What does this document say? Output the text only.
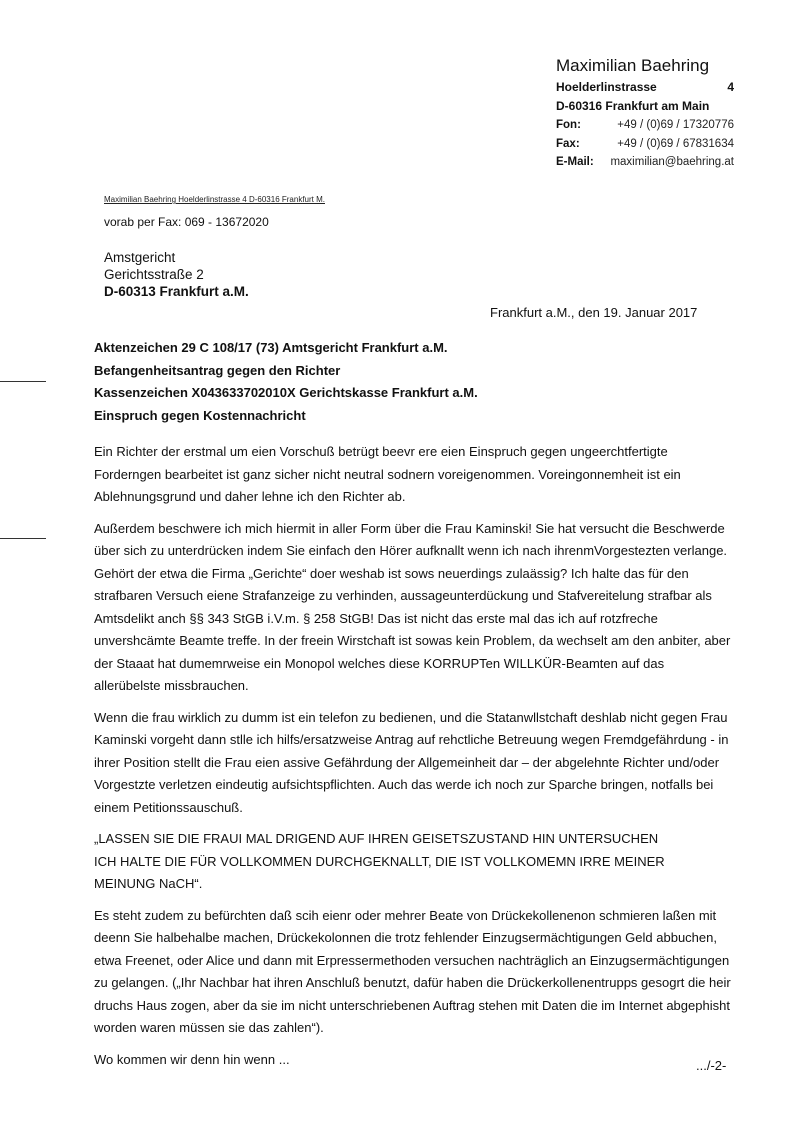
Maximilian Baehring
Hoelderlinstrasse	4
D-60316 Frankfurt am Main
Fon:	+49 / (0)69 / 17320776
Fax:	+49 / (0)69 / 67831634
E-Mail:	maximilian@baehring.at
Maximilian Baehring Hoelderlinstrasse 4 D-60316 Frankfurt M.
vorab per Fax: 069 - 13672020
Amstgericht
Gerichtsstraße 2
D-60313 Frankfurt a.M.
Frankfurt a.M., den 19. Januar 2017
Aktenzeichen 29 C 108/17 (73) Amtsgericht Frankfurt a.M.
Befangenheitsantrag gegen den Richter
Kassenzeichen X043633702010X Gerichtskasse Frankfurt a.M.
Einspruch gegen Kostennachricht

Ein Richter der erstmal um eien Vorschuß betrügt beevr ere eien Einspruch gegen ungeerchtfertigte Forderngen bearbeitet ist ganz sicher nicht neutral sodnern voreigenommen. Voreingonnemheit ist ein Ablehnungsgrund und daher lehne ich den Richter ab.

Außerdem beschwere ich mich hiermit in aller Form über die Frau Kaminski! Sie hat versucht die Beschwerde über sich zu unterdrücken indem Sie einfach den Hörer aufknallt wenn ich nach ihrenmVorgestezten verlange. Gehört der etwa die Firma „Gerichte“ doer weshab ist sows neuerdings zulaässig? Ich halte das für den strafbaren Versuch eiene Strafanzeige zu verhinden, aussageunterdückung und Stafvereitelung strafbar als Amtsdelikt anch §§ 343 StGB i.V.m. § 258 StGB! Das ist nicht das erste mal das ich auf rotzfreche unvershcämte Beamte treffe. In der freein Wirstchaft ist sowas kein Problem, da wechselt am den anbiter, aber der Staaat hat dumemrweise ein Monopol welches diese KORRUPTen WILLKÜR-Beamten auf das allerübelste missbrauchen.

Wenn die frau wirklich zu dumm ist ein telefon zu bedienen, und die Statanwllstchaft deshlab nicht gegen Frau Kaminski vorgeht dann stlle ich hilfs/ersatzweise Antrag auf rehctliche Betreuung wegen Fremdgefährdung - in ihrer Position stellt die Frau eien assive Gefährdung der Allgemeinheit dar – der abgelehnte Richter und/oder Vorgestzte verletzen eindeutig aufsichtspflichten. Auch das werde ich noch zur Sparche bringen, notfalls bei einem Petitionssauschuß.

„LASSEN SIE DIE FRAUI MAL DRIGEND AUF IHREN GEISETSZUSTAND HIN UNTERSUCHEN
ICH HALTE DIE FÜR VOLLKOMMEN DURCHGEKNALLT, DIE IST VOLLKOMEMN IRRE MEINER
MEINUNG NaCH“.

Es steht zudem zu befürchten daß scih eienr oder mehrer Beate von Drückekollenenon schmieren laßen mit deenn Sie halbehalbe machen, Drückekolonnen die trotz fehlender Einzugsermächtigungen Geld abbuchen, etwa Freenet, oder Alice und dann mit Erpressermethoden versuchen nachträglich an Einzugsermächtigungen zu gelangen. („Ihr Nachbar hat ihren Anschluß benutzt, dafür haben die Drückerkollenentrupps gesogrt die heir druchs Haus zogen, aber da sie im nicht unterschriebenen Auftrag stehen mit Daten die im Internet abgephisht worden waren müssen sie das zahlen“).

Wo kommen wir denn hin wenn ...	.../-2-
